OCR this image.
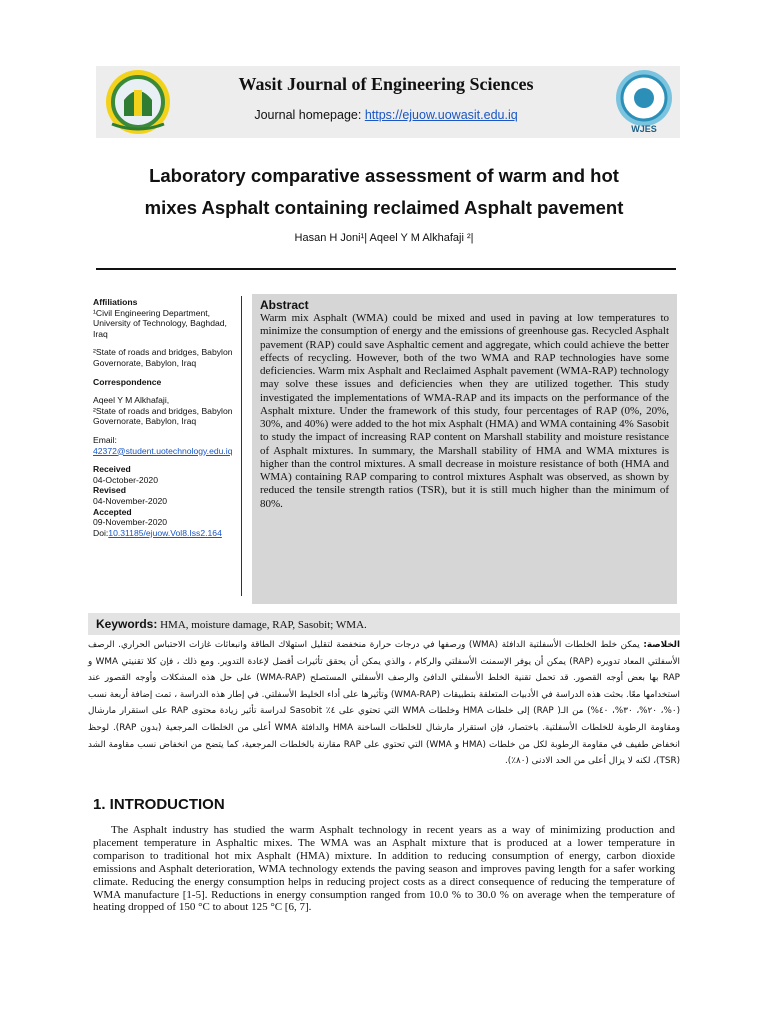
WJES
Wasit Journal of Engineering Sciences
Journal homepage: https://ejuow.uowasit.edu.iq
Laboratory comparative assessment of warm and hot
mixes Asphalt containing reclaimed Asphalt pavement
Hasan H Joni¹| Aqeel Y M Alkhafaji ²|
Affiliations
¹Civil Engineering Department, University of Technology, Baghdad, Iraq
²State of roads and bridges, Babylon Governorate, Babylon, Iraq
Correspondence
Aqeel Y M Alkhafaji,
²State of roads and bridges, Babylon Governorate, Babylon, Iraq
Email:
42372@student.uotechnology.edu.iq
Received
04-October-2020
Revised
04-November-2020
Accepted
09-November-2020
Doi:10.31185/ejuow.Vol8.Iss2.164
Abstract
Warm mix Asphalt (WMA) could be mixed and used in paving at low temperatures to minimize the consumption of energy and the emissions of greenhouse gas. Recycled Asphalt pavement (RAP) could save Asphaltic cement and aggregate, which could achieve the better effects of recycling. However, both of the two WMA and RAP technologies have some deficiencies. Warm mix Asphalt and Reclaimed Asphalt pavement (WMA-RAP) technology may solve these issues and deficiencies when they are utilized together. This study investigated the implementations of WMA-RAP and its impacts on the performance of the Asphalt mixture. Under the framework of this study, four percentages of RAP (0%, 20%, 30%, and 40%) were added to the hot mix Asphalt (HMA) and WMA containing 4% Sasobit to study the impact of increasing RAP content on Marshall stability and moisture resistance of Asphalt mixtures. In summary, the Marshall stability of HMA and WMA mixtures is higher than the control mixtures. A small decrease in moisture resistance of both (HMA and WMA) containing RAP comparing to control mixtures Asphalt was observed, as shown by reduced the tensile strength ratios (TSR), but it is still much higher than the minimum of 80%.
Keywords: HMA, moisture damage, RAP, Sasobit; WMA.
الخلاصة: يمكن خلط الخلطات الأسفلتية الدافئة (WMA) ورصفها في درجات حرارة منخفضة لتقليل استهلاك الطاقة وانبعاثات غازات الاحتباس الحراري. الرصف الأسفلتي المعاد تدويره (RAP) يمكن أن يوفر الإسمنت الأسفلتي والركام ، والذي يمكن أن يحقق تأثيرات أفضل لإعادة التدوير. ومع ذلك ، فإن كلا تقنيتي WMA و RAP بها بعض أوجه القصور. قد تحمل تقنية الخلط الأسفلتي الدافئ والرصف الأسفلتي المستصلح (WMA-RAP) على حل هذه المشكلات وأوجه القصور عند استخدامها معًا. بحثت هذه الدراسة في الأدبيات المتعلقة بتطبيقات (WMA-RAP) وتأثيرها على أداء الخليط الأسفلتي. في إطار هذه الدراسة ، تمت إضافة أربعة نسب (٠%، ٢٠%، ٣٠%، ٤٠%) من الـ( RAP) إلى خلطات HMA وخلطات WMA التي تحتوي على ٤٪ Sasobit لدراسة تأثير زيادة محتوى RAP على استقرار مارشال ومقاومة الرطوبة للخلطات الأسفلتية. باختصار، فإن استقرار مارشال للخلطات الساخنة HMA والدافئة WMA أعلى من الخلطات المرجعية (بدون RAP). لوحظ انخفاض طفيف في مقاومة الرطوبة لكل من خلطات (HMA و WMA) التي تحتوي على RAP مقارنة بالخلطات المرجعية، كما يتضح من انخفاض نسب مقاومة الشد (TSR)، لكنه لا يزال أعلى من الحد الادنى (٨٠٪).
1. INTRODUCTION
The Asphalt industry has studied the warm Asphalt technology in recent years as a way of minimizing production and placement temperature in Asphaltic mixes. The WMA was an Asphalt mixture that is produced at a lower temperature in comparison to traditional hot mix Asphalt (HMA) mixture. In addition to reducing consumption of energy, carbon dioxide emissions and Asphalt deterioration, WMA technology extends the paving season and improves paving length for a safer working climate. Reducing the energy consumption helps in reducing project costs as a direct consequence of reducing the temperature of WMA manufacture [1-5]. Reductions in energy consumption ranged from 10.0 % to 30.0 % on average when the temperature of heating dropped of 150 °C to about 125 °C [6, 7].
